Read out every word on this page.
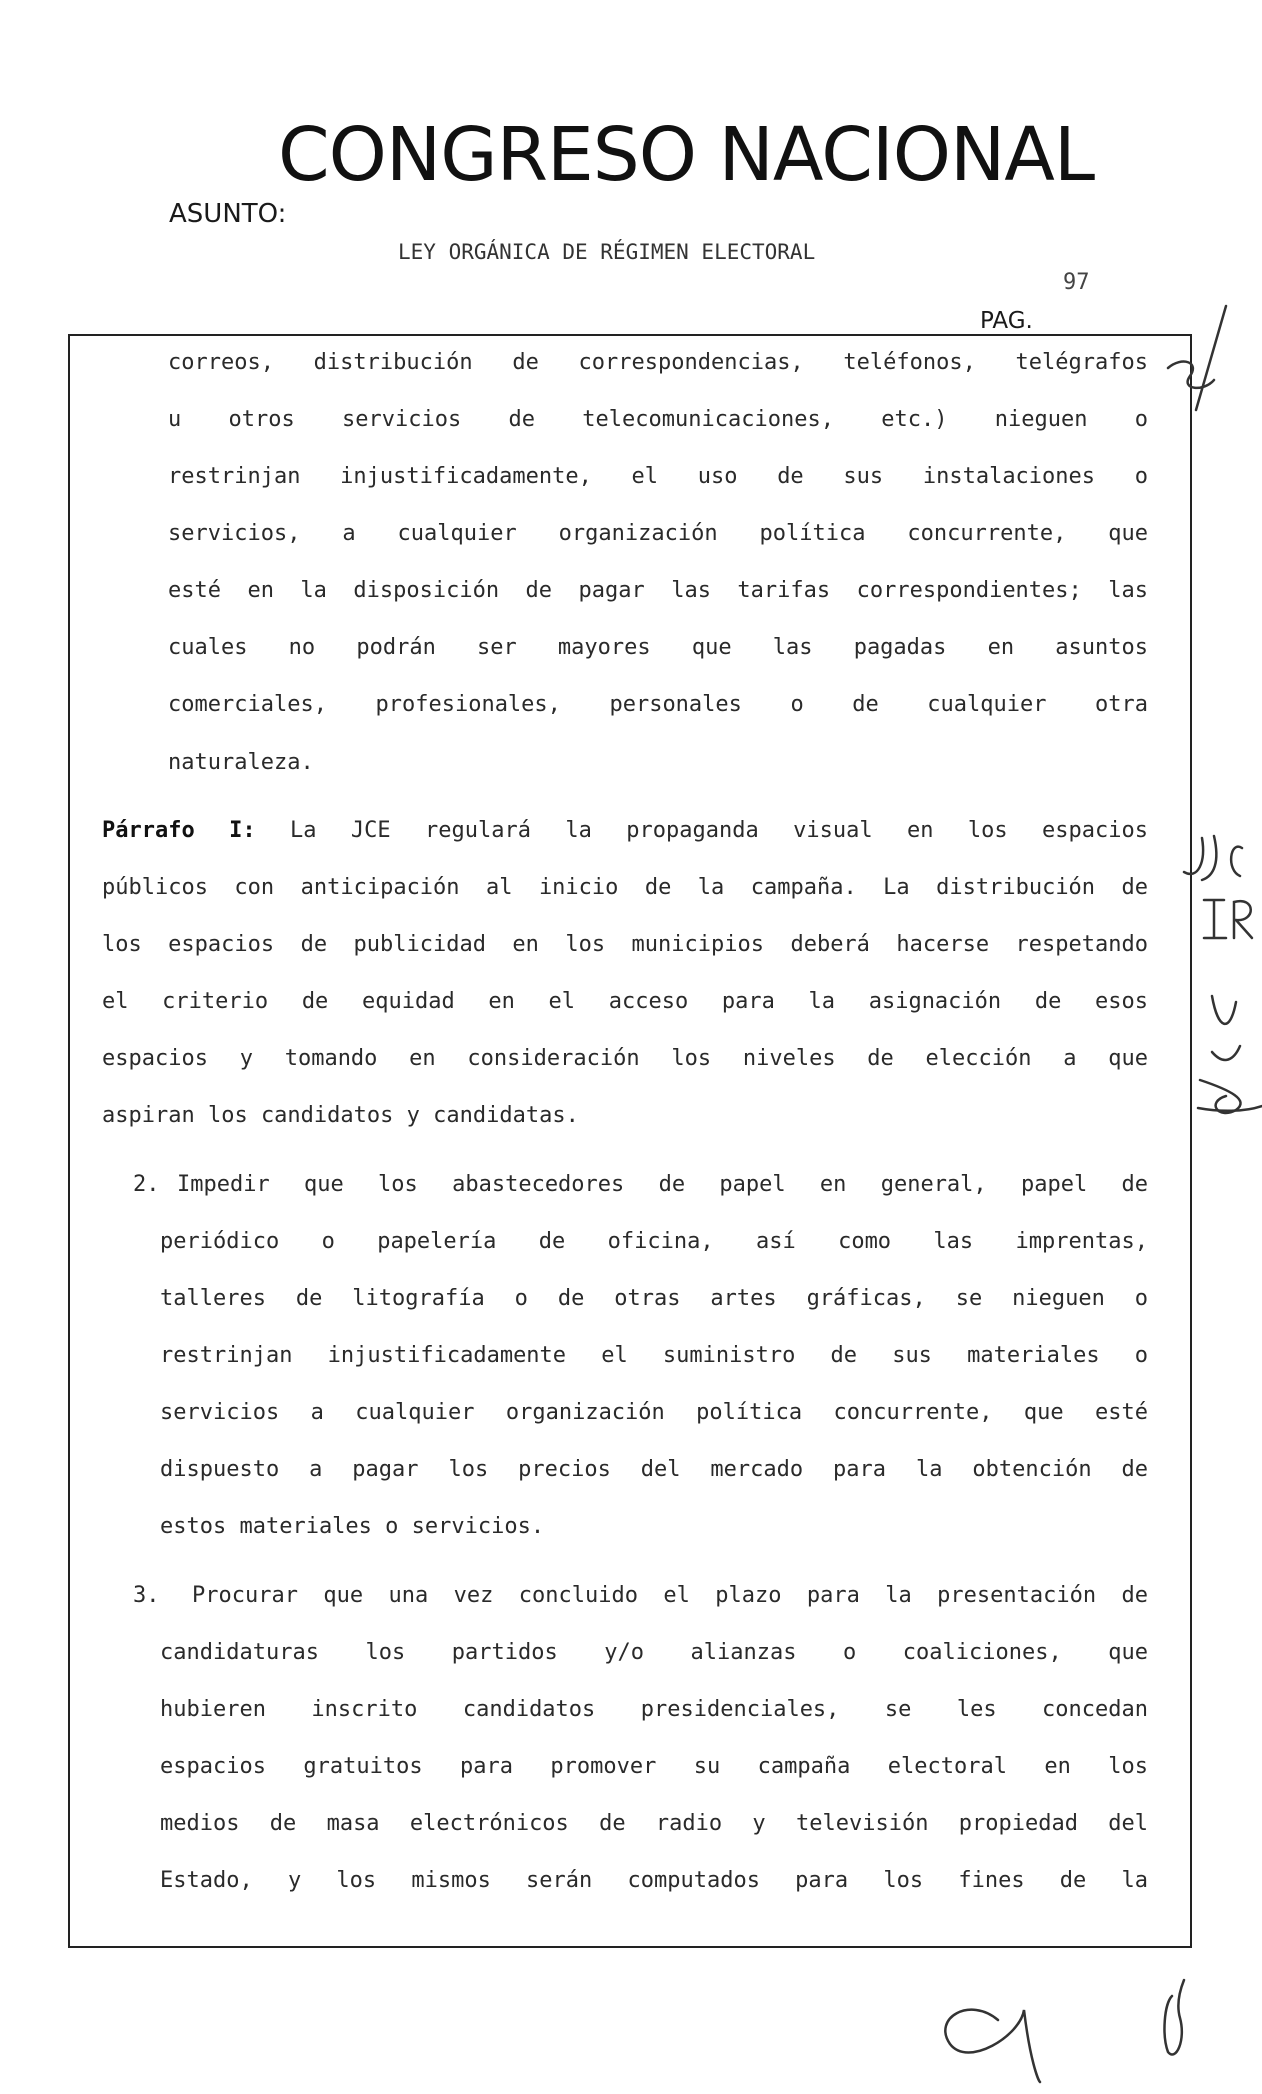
CONGRESO NACIONAL
ASUNTO:
LEY ORGÁNICA DE RÉGIMEN ELECTORAL
97
PAG.
correos, distribución de correspondencias, teléfonos, telégrafos
u otros servicios de telecomunicaciones, etc.) nieguen o
restrinjan injustificadamente, el uso de sus instalaciones o
servicios, a cualquier organización política concurrente, que
esté en la disposición de pagar las tarifas correspondientes; las
cuales no podrán ser mayores que las pagadas en asuntos
comerciales, profesionales, personales o de cualquier otra
naturaleza.
Párrafo I: La JCE regulará la propaganda visual en los espacios
públicos con anticipación al inicio de la campaña. La distribución de
los espacios de publicidad en los municipios deberá hacerse respetando
el criterio de equidad en el acceso para la asignación de esos
espacios y tomando en consideración los niveles de elección a que
aspiran los candidatos y candidatas.
2. Impedir que los abastecedores de papel en general, papel de
periódico o papelería de oficina, así como las imprentas,
talleres de litografía o de otras artes gráficas, se nieguen o
restrinjan injustificadamente el suministro de sus materiales o
servicios a cualquier organización política concurrente, que esté
dispuesto a pagar los precios del mercado para la obtención de
estos materiales o servicios.
3. Procurar que una vez concluido el plazo para la presentación de
candidaturas los partidos y/o alianzas o coaliciones, que
hubieren inscrito candidatos presidenciales, se les concedan
espacios gratuitos para promover su campaña electoral en los
medios de masa electrónicos de radio y televisión propiedad del
Estado, y los mismos serán computados para los fines de la
